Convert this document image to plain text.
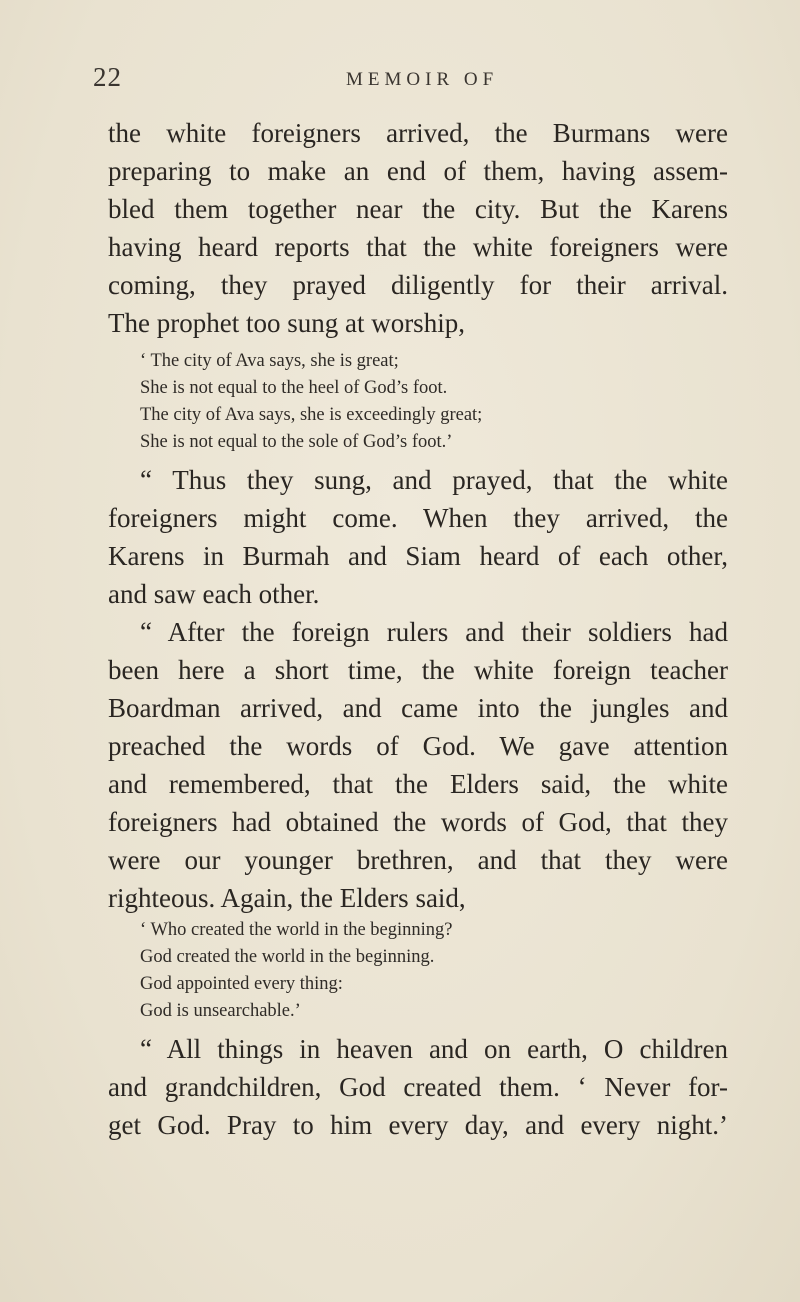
22	MEMOIR OF
the white foreigners arrived, the Burmans were
preparing to make an end of them, having assem-
bled them together near the city. But the Karens
having heard reports that the white foreigners were
coming, they prayed diligently for their arrival.
The prophet too sung at worship,
‘ The city of Ava says, she is great;
She is not equal to the heel of God’s foot.
The city of Ava says, she is exceedingly great;
She is not equal to the sole of God’s foot.’
“ Thus they sung, and prayed, that the white
foreigners might come. When they arrived, the
Karens in Burmah and Siam heard of each other,
and saw each other.
“ After the foreign rulers and their soldiers had
been here a short time, the white foreign teacher
Boardman arrived, and came into the jungles and
preached the words of God. We gave attention
and remembered, that the Elders said, the white
foreigners had obtained the words of God, that they
were our younger brethren, and that they were
righteous. Again, the Elders said,
‘ Who created the world in the beginning?
God created the world in the beginning.
God appointed every thing:
God is unsearchable.’
“ All things in heaven and on earth, O children
and grandchildren, God created them. ‘ Never for-
get God. Pray to him every day, and every night.’
